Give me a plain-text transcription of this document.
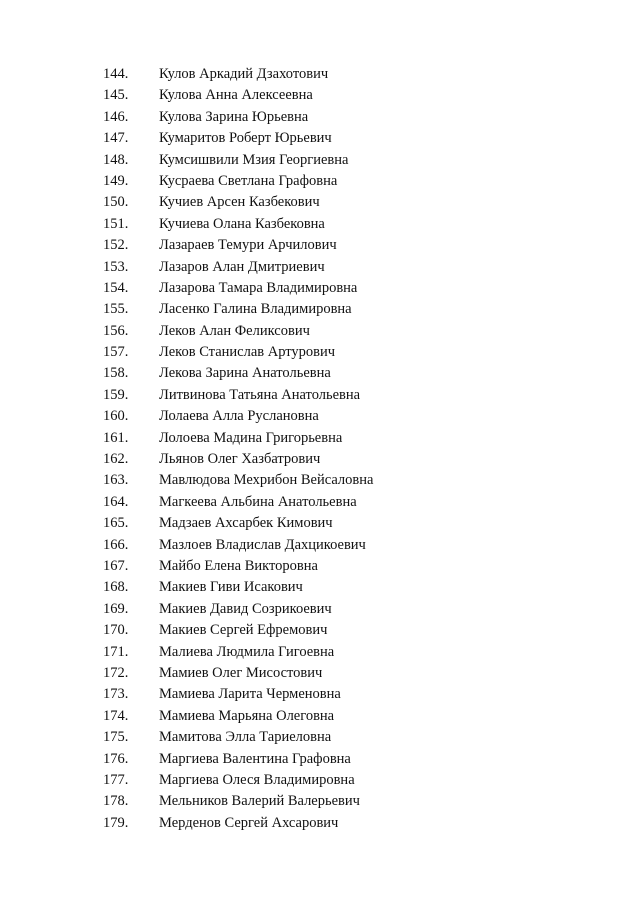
144. Кулов Аркадий Дзахотович
145. Кулова Анна Алексеевна
146. Кулова Зарина Юрьевна
147. Кумаритов Роберт Юрьевич
148. Кумсишвили Мзия Георгиевна
149. Кусраева Светлана Графовна
150. Кучиев Арсен Казбекович
151. Кучиева Олана Казбековна
152. Лазараев Темури Арчилович
153. Лазаров Алан Дмитриевич
154. Лазарова Тамара Владимировна
155. Ласенко Галина Владимировна
156. Леков Алан Феликсович
157. Леков Станислав Артурович
158. Лекова Зарина Анатольевна
159. Литвинова Татьяна Анатольевна
160. Лолаева Алла Руслановна
161. Лолоева Мадина Григорьевна
162. Льянов Олег Хазбатрович
163. Мавлюдова Мехрибон Вейсаловна
164. Магкеева Альбина Анатольевна
165. Мадзаев Ахсарбек Кимович
166. Мазлоев Владислав Дахцикоевич
167. Майбо Елена Викторовна
168. Макиев Гиви Исакович
169. Макиев Давид Созрикоевич
170. Макиев Сергей Ефремович
171. Малиева Людмила Гигоевна
172. Мамиев Олег Мисостович
173. Мамиева Ларита Черменовна
174. Мамиева Марьяна Олеговна
175. Мамитова Элла Тариеловна
176. Маргиева Валентина Графовна
177. Маргиева Олеся Владимировна
178. Мельников Валерий Валерьевич
179. Мерденов Сергей Ахсарович
